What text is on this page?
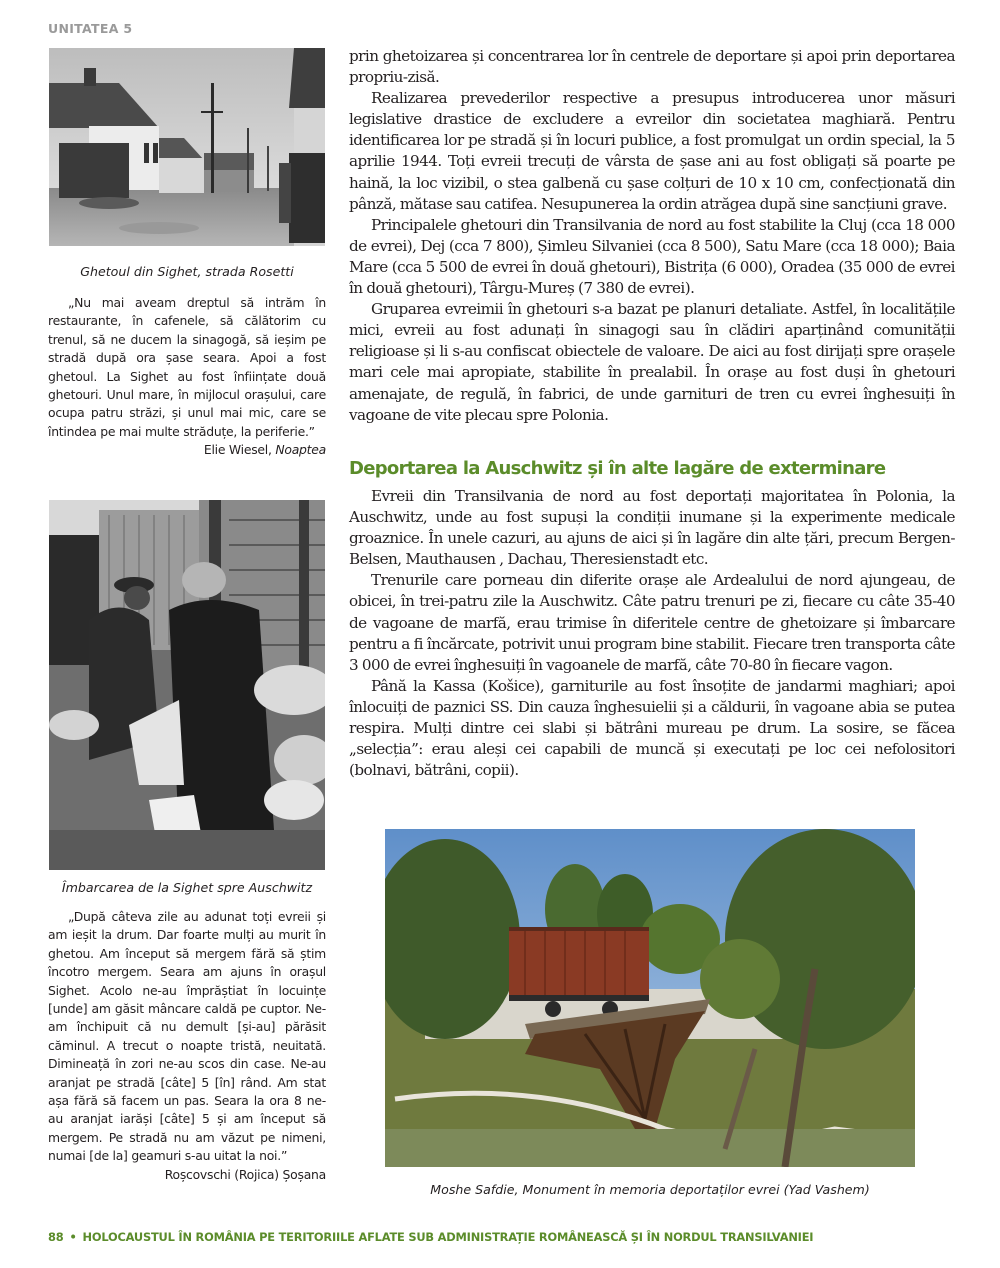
UNITATEA 5
Ghetoul din Sighet, strada Rosetti

„Nu mai aveam dreptul să intrăm în restaurante, în cafenele, să călătorim cu trenul, să ne ducem la sinagogă, să ieșim pe stradă după ora șase seara. Apoi a fost ghetoul. La Sighet au fost înființate două ghetouri. Unul mare, în mijlocul orașului, care ocupa patru străzi, și unul mai mic, care se întindea pe mai multe străduțe, la periferie.”

Elie Wiesel, Noaptea

Îmbarcarea de la Sighet spre Auschwitz

„După câteva zile au adunat toți evreii și am ieșit la drum. Dar foarte mulți au murit în ghetou. Am început să mergem fără să știm încotro mergem. Seara am ajuns în orașul Sighet. Acolo ne-au împrăștiat în locuințe [unde] am găsit mâncare caldă pe cuptor. Ne-am închipuit că nu demult [și-au] părăsit căminul. A trecut o noapte tristă, neuitată. Dimineață în zori ne-au scos din case. Ne-au aranjat pe stradă [câte] 5 [în] rând. Am stat așa fără să facem un pas. Seara la ora 8 ne-au aranjat iarăși [câte] 5 și am început să mergem. Pe stradă nu am văzut pe nimeni, numai [de la] geamuri s-au uitat la noi.”

Roșcovschi (Rojica) Șoșana

prin ghetoizarea și concentrarea lor în centrele de deportare și apoi prin deportarea propriu-zisă.

Realizarea prevederilor respective a presupus introducerea unor măsuri legislative drastice de excludere a evreilor din societatea maghiară. Pentru identificarea lor pe stradă și în locuri publice, a fost promulgat un ordin special, la 5 aprilie 1944. Toți evreii trecuți de vârsta de șase ani au fost obligați să poarte pe haină, la loc vizibil, o stea galbenă cu șase colțuri de 10 x 10 cm, confecționată din pânză, mătase sau catifea. Nesupunerea la ordin atrăgea după sine sancțiuni grave.

Principalele ghetouri din Transilvania de nord au fost stabilite la Cluj (cca 18 000 de evrei), Dej (cca 7 800), Șimleu Silvaniei (cca 8 500), Satu Mare (cca 18 000); Baia Mare (cca 5 500 de evrei în două ghetouri), Bistrița (6 000), Oradea (35 000 de evrei în două ghetouri), Târgu-Mureș (7 380 de evrei).

Gruparea evreimii în ghetouri s-a bazat pe planuri detaliate. Astfel, în localitățile mici, evreii au fost adunați în sinagogi sau în clădiri aparținând comunității religioase și li s-au confiscat obiectele de valoare. De aici au fost dirijați spre orașele mari cele mai apropiate, stabilite în prealabil. În orașe au fost duși în ghetouri amenajate, de regulă, în fabrici, de unde garnituri de tren cu evrei înghesuiți în vagoane de vite plecau spre Polonia.

Deportarea la Auschwitz și în alte lagăre de exterminare

Evreii din Transilvania de nord au fost deportați majoritatea în Polonia, la Auschwitz, unde au fost supuși la condiții inumane și la experimente medicale groaznice. În unele cazuri, au ajuns de aici și în lagăre din alte țări, precum Bergen-Belsen, Mauthausen , Dachau, Theresienstadt etc.

Trenurile care porneau din diferite orașe ale Ardealului de nord ajungeau, de obicei, în trei-patru zile la Auschwitz. Câte patru trenuri pe zi, fiecare cu câte 35-40 de vagoane de marfă, erau trimise în diferitele centre de ghetoizare și îmbarcare pentru a fi încărcate, potrivit unui program bine stabilit. Fiecare tren transporta câte 3 000 de evrei înghesuiți în vagoanele de marfă, câte 70-80 în fiecare vagon.

Până la Kassa (Košice), garniturile au fost însoțite de jandarmi maghiari; apoi înlocuiți de paznici SS. Din cauza înghesuielii și a căldurii, în vagoane abia se putea respira. Mulți dintre cei slabi și bătrâni mureau pe drum. La sosire, se făcea „selecția”: erau aleși cei capabili de muncă și executați pe loc cei nefolositori (bolnavi, bătrâni, copii).

Moshe Safdie, Monument în memoria deportaților evrei (Yad Vashem)
88 • HOLOCAUSTUL ÎN ROMÂNIA PE TERITORIILE AFLATE SUB ADMINISTRAȚIE ROMÂNEASCĂ ȘI ÎN NORDUL TRANSILVANIEI
